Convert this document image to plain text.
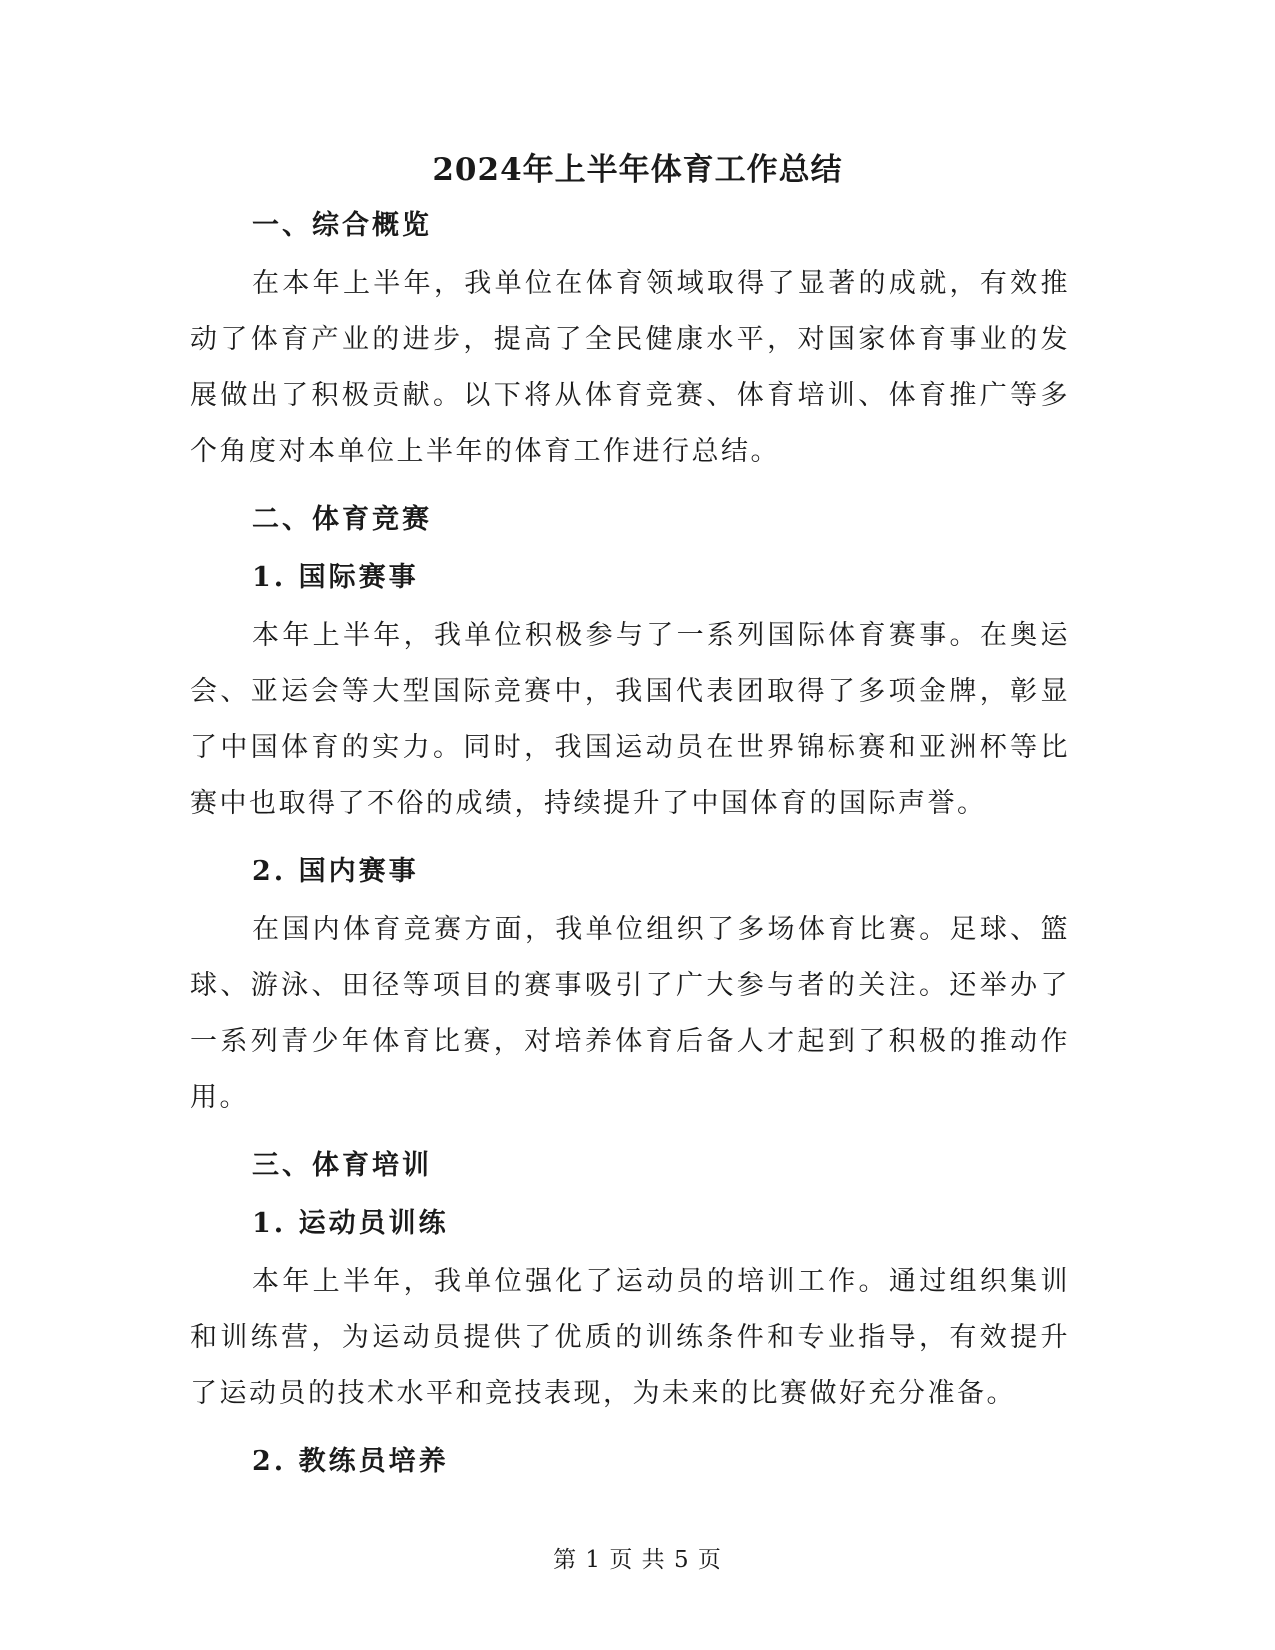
2024年上半年体育工作总结

一、综合概览

在本年上半年，我单位在体育领域取得了显著的成就，有效推动了体育产业的进步，提高了全民健康水平，对国家体育事业的发展做出了积极贡献。以下将从体育竞赛、体育培训、体育推广等多个角度对本单位上半年的体育工作进行总结。

二、体育竞赛

1. 国际赛事

本年上半年，我单位积极参与了一系列国际体育赛事。在奥运会、亚运会等大型国际竞赛中，我国代表团取得了多项金牌，彰显了中国体育的实力。同时，我国运动员在世界锦标赛和亚洲杯等比赛中也取得了不俗的成绩，持续提升了中国体育的国际声誉。

2. 国内赛事

在国内体育竞赛方面，我单位组织了多场体育比赛。足球、篮球、游泳、田径等项目的赛事吸引了广大参与者的关注。还举办了一系列青少年体育比赛，对培养体育后备人才起到了积极的推动作用。

三、体育培训

1. 运动员训练

本年上半年，我单位强化了运动员的培训工作。通过组织集训和训练营，为运动员提供了优质的训练条件和专业指导，有效提升了运动员的技术水平和竞技表现，为未来的比赛做好充分准备。

2. 教练员培养

第 1 页 共 5 页
